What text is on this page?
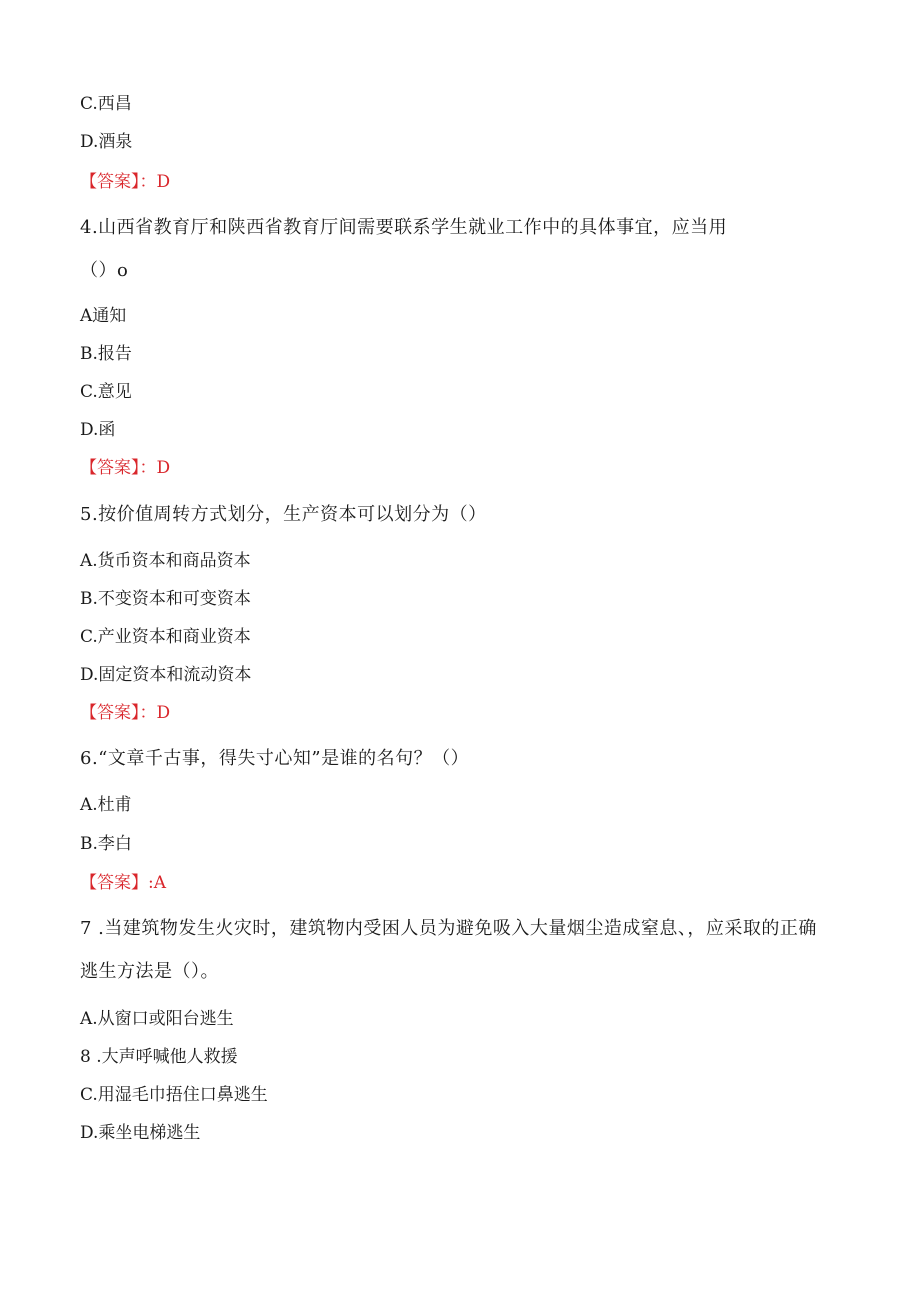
C.西昌
D.酒泉
【答案】：D
4.山西省教育厅和陕西省教育厅间需要联系学生就业工作中的具体事宜，应当用
（）o
A通知
B.报告
C.意见
D.函
【答案】：D
5.按价值周转方式划分，生产资本可以划分为（）
A.货币资本和商品资本
B.不变资本和可变资本
C.产业资本和商业资本
D.固定资本和流动资本
【答案】：D
6.“文章千古事，得失寸心知”是谁的名句？（）
A.杜甫
B.李白
【答案】:A
7 .当建筑物发生火灾时，建筑物内受困人员为避免吸入大量烟尘造成窒息、，应采取的正确
逃生方法是（）。
A.从窗口或阳台逃生
8 .大声呼喊他人救援
C.用湿毛巾捂住口鼻逃生
D.乘坐电梯逃生
